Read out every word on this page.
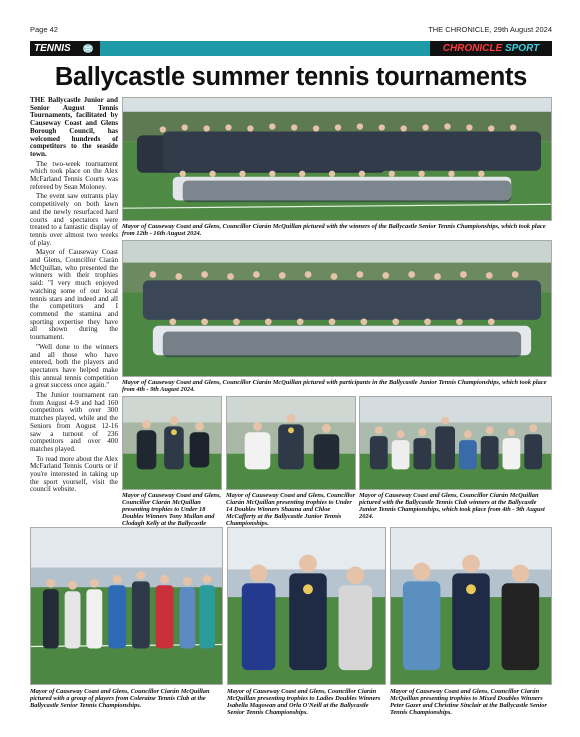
Page 42	THE CHRONICLE, 29th August 2024
TENNIS	CHRONICLE SPORT
Ballycastle summer tennis tournaments

THE Ballycastle Junior and Senior August Tennis Tournaments, facilitated by Causeway Coast and Glens Borough Council, has welcomed hundreds of competitors to the seaside town.

The two-week tournament which took place on the Alex McFarland Tennis Courts was refereed by Sean Moloney.

The event saw entrants play competitively on both lawn and the newly resurfaced hard courts and spectators were treated to a fantastic display of tennis over almost two weeks of play.

Mayor of Causeway Coast and Glens, Councillor Ciarán McQuillan, who presented the winners with their trophies said: "I very much enjoyed watching some of our local tennis stars and indeed and all the competitors and I commend the stamina and sporting expertise they have all shown during the tournament.

"Well done to the winners and all those who have entered, both the players and spectators have helped make this annual tennis competition a great success once again."

The Junior tournament ran from August 4-9 and had 160 competitors with over 300 matches played, while and the Seniors from August 12-16 saw a turnout of 236 competitors and over 400 matches played.

To read more about the Alex McFarland Tennis Courts or if you're interested in taking up the sport yourself, visit the council website.

Mayor of Causeway Coast and Glens, Councillor Ciarán McQuillan pictured with the winners of the Ballycastle Senior Tennis Championships, which took place from 12th - 16th August 2024.
Mayor of Causeway Coast and Glens, Councillor Ciarán McQuillan pictured with participants in the Ballycastle Junior Tennis Championships, which took place from 4th - 9th August 2024.
Mayor of Causeway Coast and Glens, Councillor Ciarán McQuillan presenting trophies to Under 18 Doubles Winners Tony Mullan and Clodagh Kelly at the Ballycastle
Mayor of Causeway Coast and Glens, Councillor Ciarán McQuillan presenting trophies to Under 14 Doubles Winners Shauna and Chloe McCafferty at the Ballycastle Junior Tennis Championships.
Mayor of Causeway Coast and Glens, Councillor Ciarán McQuillan pictured with the Ballycastle Tennis Club winners at the Ballycastle Junior Tennis Championships, which took place from 4th - 9th August 2024.
Mayor of Causeway Coast and Glens, Councillor Ciarán McQuillan pictured with a group of players from Coleraine Tennis Club at the Ballycastle Senior Tennis Championships.
Mayor of Causeway Coast and Glens, Councillor Ciarán McQuillan presenting trophies to Ladies Doubles Winners Isabella Magowan and Orla O'Neill at the Ballycastle Senior Tennis Championships.
Mayor of Causeway Coast and Glens, Councillor Ciarán McQuillan presenting trophies to Mixed Doubles Winners Peter Gazer and Christine Sinclair at the Ballycastle Senior Tennis Championships.
